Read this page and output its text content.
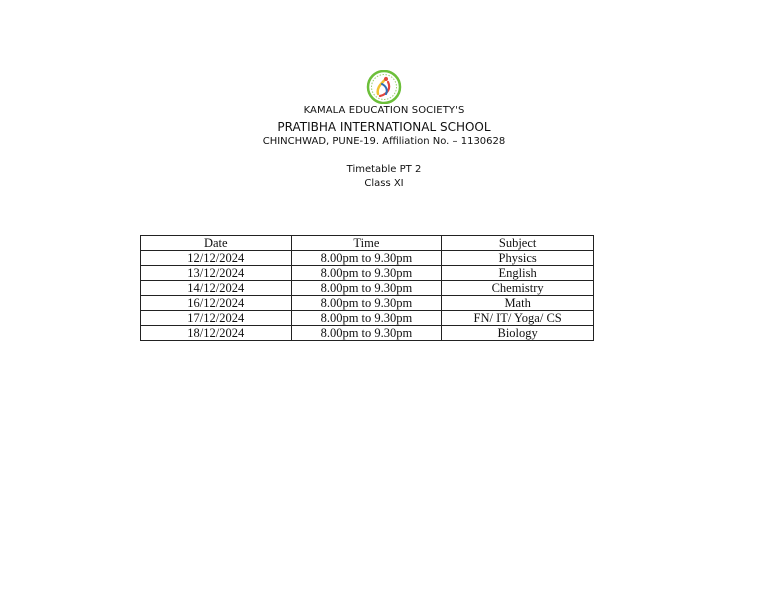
KAMALA EDUCATION SOCIETY'S
PRATIBHA INTERNATIONAL SCHOOL
CHINCHWAD, PUNE-19. Affiliation No. – 1130628
Timetable PT 2
Class XI
Date	Time	Subject
12/12/2024	8.00pm to 9.30pm	Physics
13/12/2024	8.00pm to 9.30pm	English
14/12/2024	8.00pm to 9.30pm	Chemistry
16/12/2024	8.00pm to 9.30pm	Math
17/12/2024	8.00pm to 9.30pm	FN/ IT/ Yoga/ CS
18/12/2024	8.00pm to 9.30pm	Biology
